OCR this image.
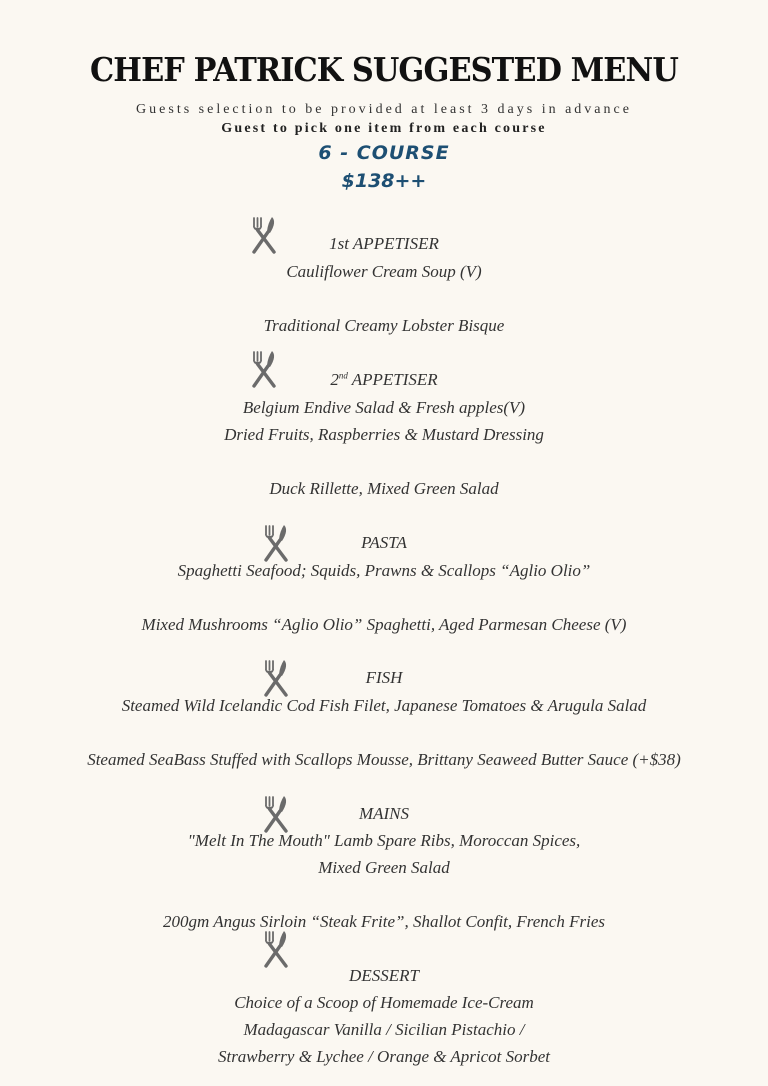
CHEF PATRICK SUGGESTED MENU
Guests selection to be provided at least 3 days in advance
Guest to pick one item from each course
6 - COURSE
$138++
1st APPETISER
Cauliflower Cream Soup (V)
Traditional Creamy Lobster Bisque
2nd APPETISER
Belgium Endive Salad & Fresh apples(V)
Dried Fruits, Raspberries & Mustard Dressing
Duck Rillette, Mixed Green Salad
PASTA
Spaghetti Seafood; Squids, Prawns & Scallops “Aglio Olio”
Mixed Mushrooms “Aglio Olio” Spaghetti, Aged Parmesan Cheese (V)
FISH
Steamed Wild Icelandic Cod Fish Filet, Japanese Tomatoes & Arugula Salad
Steamed SeaBass Stuffed with Scallops Mousse, Brittany Seaweed Butter Sauce (+$38)
MAINS
"Melt In The Mouth" Lamb Spare Ribs, Moroccan Spices,
Mixed Green Salad
200gm Angus Sirloin “Steak Frite”, Shallot Confit, French Fries
DESSERT
Choice of a Scoop of Homemade Ice-Cream
Madagascar Vanilla / Sicilian Pistachio /
Strawberry & Lychee / Orange & Apricot Sorbet
